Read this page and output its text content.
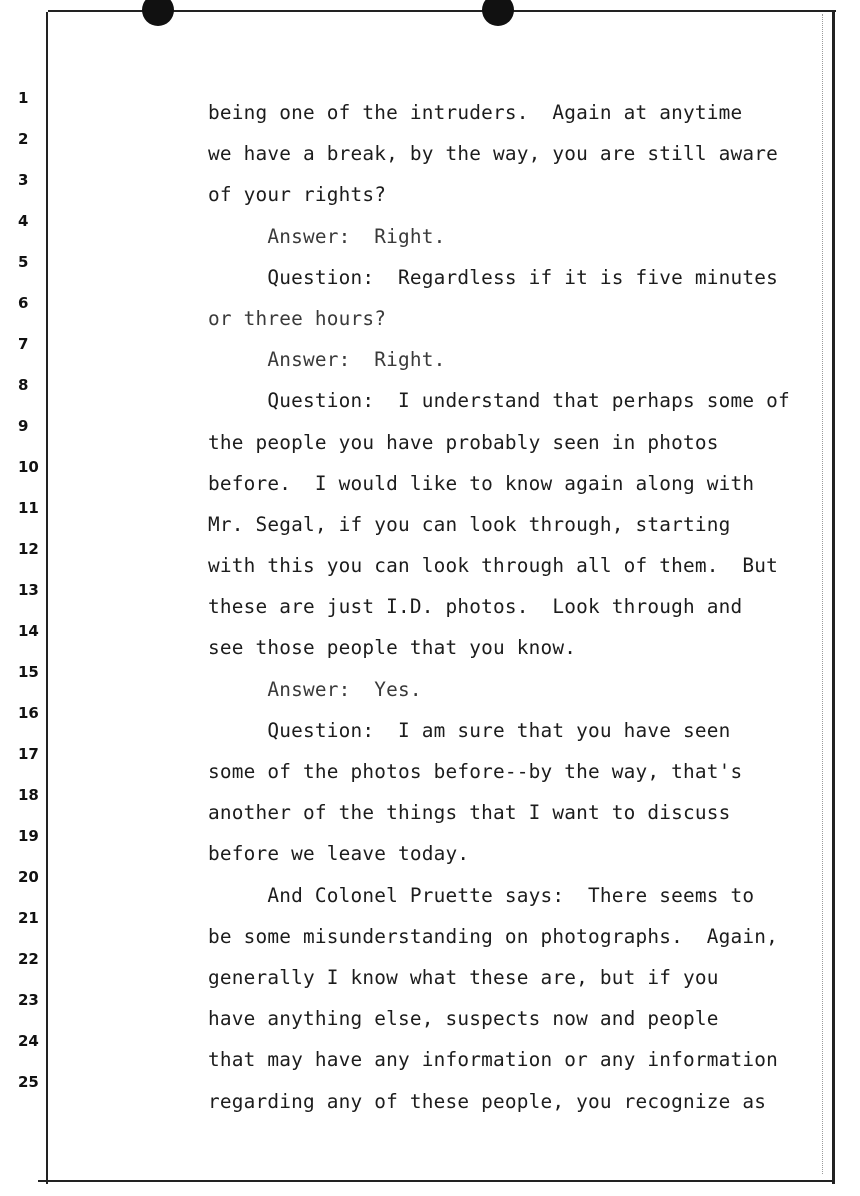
1
2
3
4
5
6
7
8
9
10
11
12
13
14
15
16
17
18
19
20
21
22
23
24
25
being one of the intruders.  Again at anytime
we have a break, by the way, you are still aware
of your rights?
Answer:  Right.
Question:  Regardless if it is five minutes
or three hours?
Answer:  Right.
Question:  I understand that perhaps some of
the people you have probably seen in photos
before.  I would like to know again along with
Mr. Segal, if you can look through, starting
with this you can look through all of them.  But
these are just I.D. photos.  Look through and
see those people that you know.
Answer:  Yes.
Question:  I am sure that you have seen
some of the photos before--by the way, that's
another of the things that I want to discuss
before we leave today.
And Colonel Pruette says:  There seems to
be some misunderstanding on photographs.  Again,
generally I know what these are, but if you
have anything else, suspects now and people
that may have any information or any information
regarding any of these people, you recognize as
